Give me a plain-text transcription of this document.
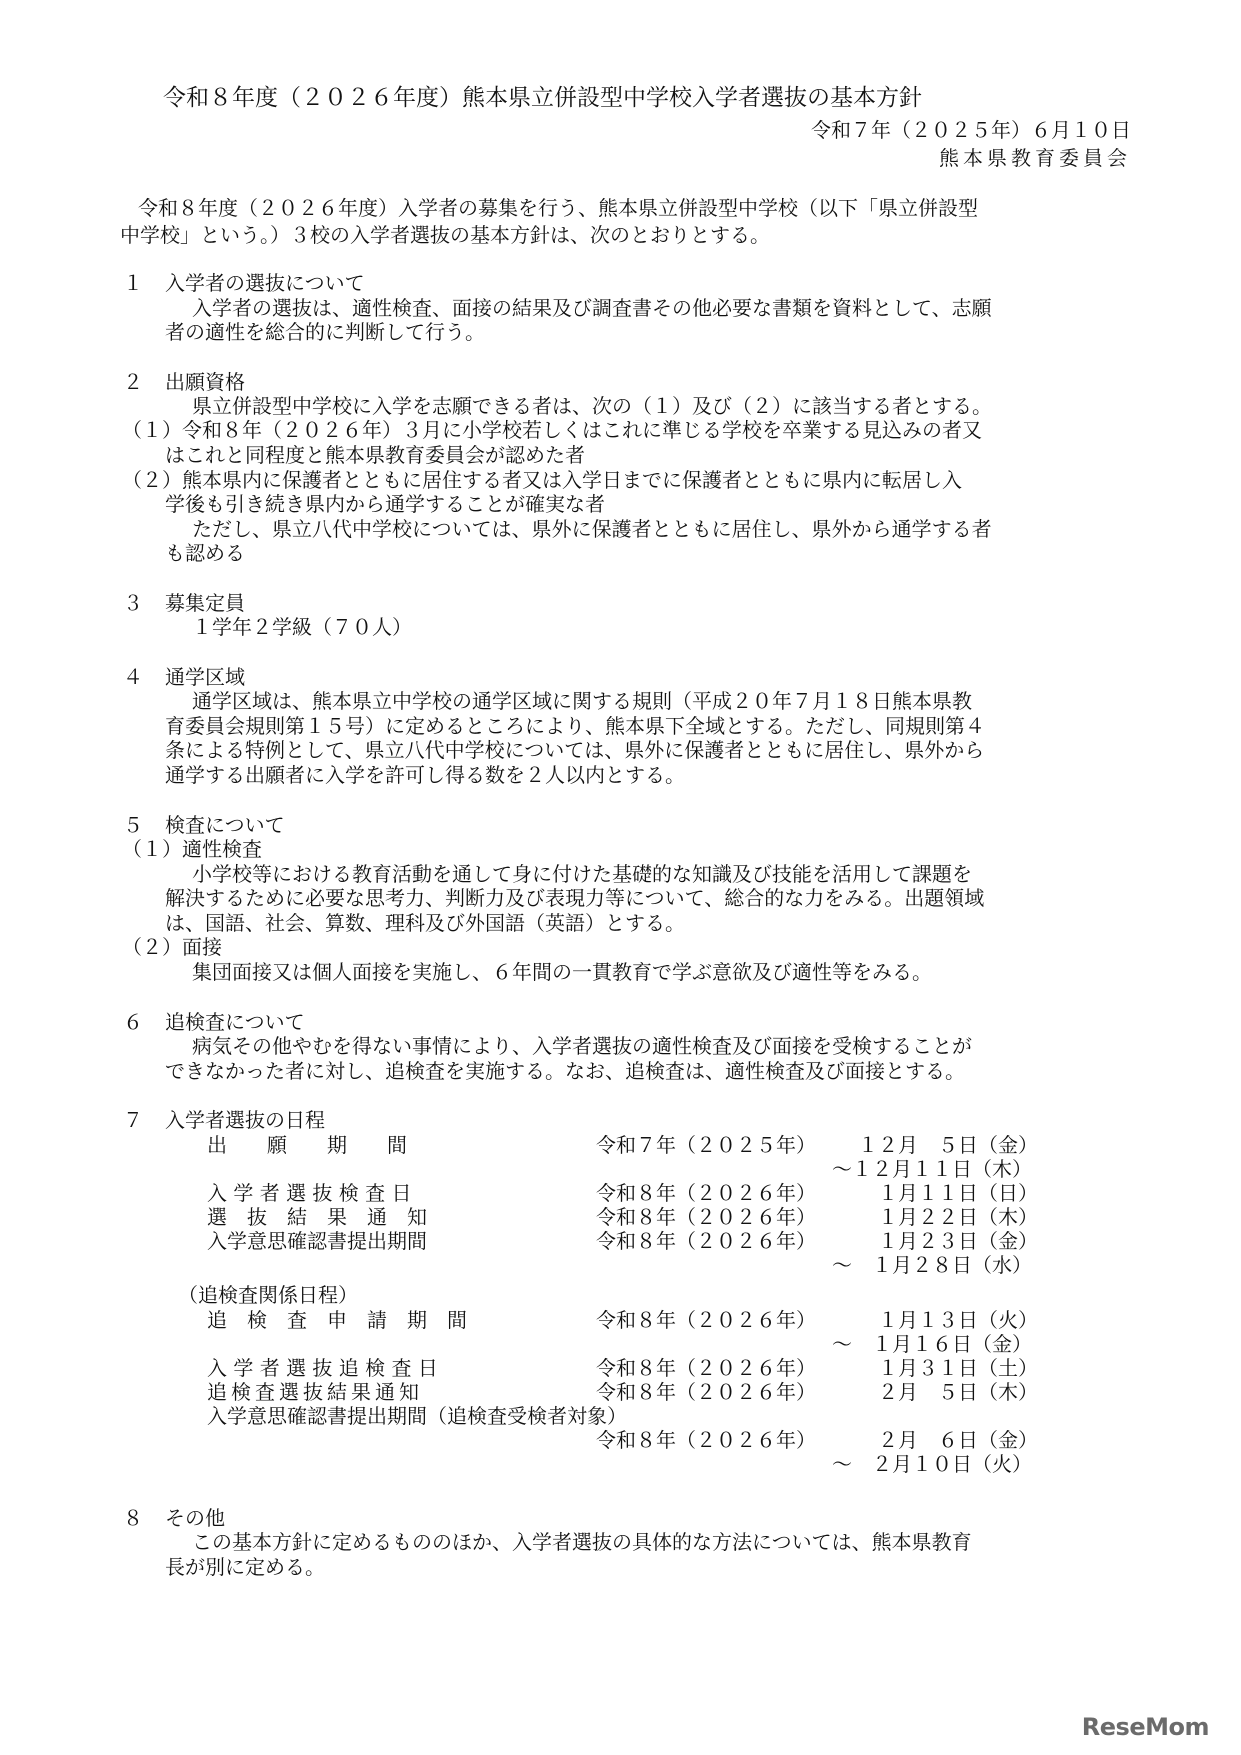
令和８年度（２０２６年度）熊本県立併設型中学校入学者選抜の基本方針
令和７年（２０２５年）６月１０日
熊本県教育委員会
令和８年度（２０２６年度）入学者の募集を行う、熊本県立併設型中学校（以下「県立併設型
中学校」という。）３校の入学者選抜の基本方針は、次のとおりとする。
１ 入学者の選抜について
入学者の選抜は、適性検査、面接の結果及び調査書その他必要な書類を資料として、志願
者の適性を総合的に判断して行う。
２ 出願資格
県立併設型中学校に入学を志願できる者は、次の（１）及び（２）に該当する者とする。
（１）令和８年（２０２６年）３月に小学校若しくはこれに準じる学校を卒業する見込みの者又
はこれと同程度と熊本県教育委員会が認めた者
（２）熊本県内に保護者とともに居住する者又は入学日までに保護者とともに県内に転居し入
学後も引き続き県内から通学することが確実な者
ただし、県立八代中学校については、県外に保護者とともに居住し、県外から通学する者
も認める
３ 募集定員
１学年２学級（７０人）
４ 通学区域
通学区域は、熊本県立中学校の通学区域に関する規則（平成２０年７月１８日熊本県教
育委員会規則第１５号）に定めるところにより、熊本県下全域とする。ただし、同規則第４
条による特例として、県立八代中学校については、県外に保護者とともに居住し、県外から
通学する出願者に入学を許可し得る数を２人以内とする。
５ 検査について
（１）適性検査
小学校等における教育活動を通して身に付けた基礎的な知識及び技能を活用して課題を
解決するために必要な思考力、判断力及び表現力等について、総合的な力をみる。出題領域
は、国語、社会、算数、理科及び外国語（英語）とする。
（２）面接
集団面接又は個人面接を実施し、６年間の一貫教育で学ぶ意欲及び適性等をみる。
６ 追検査について
病気その他やむを得ない事情により、入学者選抜の適性検査及び面接を受検することが
できなかった者に対し、追検査を実施する。なお、追検査は、適性検査及び面接とする。
７ 入学者選抜の日程
出　　願　　期　　間	令和７年（２０２５年） １２月　５日（金）
～１２月１１日（木）
入 学 者 選 抜 検 査 日	令和８年（２０２６年） 　１月１１日（日）
選　抜　結　果　通　知	令和８年（２０２６年） 　１月２２日（木）
入学意思確認書提出期間	令和８年（２０２６年） 　１月２３日（金）
～　１月２８日（水）
（追検査関係日程）
追　検　査　申　請　期　間	令和８年（２０２６年） 　１月１３日（火）
～　１月１６日（金）
入 学 者 選 抜 追 検 査 日	令和８年（２０２６年） 　１月３１日（土）
追検査選抜結果通知	令和８年（２０２６年） 　２月　５日（木）
入学意思確認書提出期間（追検査受検者対象）
令和８年（２０２６年） 　２月　６日（金）
～　２月１０日（火）
８ その他
この基本方針に定めるもののほか、入学者選抜の具体的な方法については、熊本県教育
長が別に定める。
ReseMom
